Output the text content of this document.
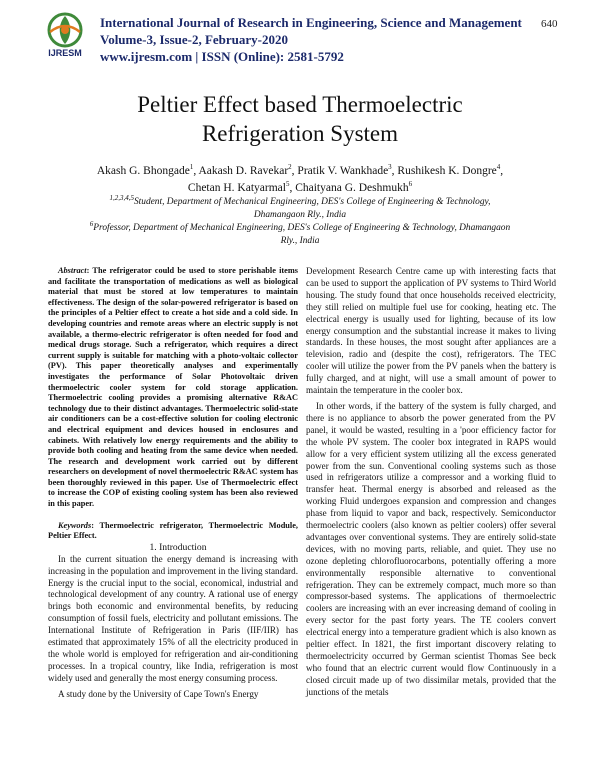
IJRESM
International Journal of Research in Engineering, Science and Management
Volume-3, Issue-2, February-2020
www.ijresm.com | ISSN (Online): 2581-5792
640
Peltier Effect based Thermoelectric
Refrigeration System
Akash G. Bhongade$^1$, Aakash D. Ravekar$^2$, Pratik V. Wankhade$^3$, Rushikesh K. Dongre$^4$,
Chetan H. Katyarmal$^5$, Chaityana G. Deshmukh$^6$
$^{1,2,3,4,5}$Student, Department of Mechanical Engineering, DES's College of Engineering & Technology, Dhamangaon Rly., India
$^6$Professor, Department of Mechanical Engineering, DES's College of Engineering & Technology, Dhamangaon Rly., India

Abstract: The refrigerator could be used to store perishable items and facilitate the transportation of medications as well as biological material that must be stored at low temperatures to maintain effectiveness. The design of the solar-powered refrigerator is based on the principles of a Peltier effect to create a hot side and a cold side. In developing countries and remote areas where an electric supply is not available, a thermo-electric refrigerator is often needed for food and medical drugs storage. Such a refrigerator, which requires a direct current supply is suitable for matching with a photo-voltaic collector (PV). This paper theoretically analyses and experimentally investigates the performance of Solar Photovoltaic driven thermoelectric cooler system for cold storage application. Thermoelectric cooling provides a promising alternative R&AC technology due to their distinct advantages. Thermoelectric solid-state air conditioners can be a cost-effective solution for cooling electronic and electrical equipment and devices housed in enclosures and cabinets. With relatively low energy requirements and the ability to provide both cooling and heating from the same device when needed. The research and development work carried out by different researchers on development of novel thermoelectric R&AC system has been thoroughly reviewed in this paper. Use of Thermoelectric effect to increase the COP of existing cooling system has been also reviewed in this paper.

Keywords: Thermoelectric refrigerator, Thermoelectric Module, Peltier Effect.

1. Introduction

In the current situation the energy demand is increasing with increasing in the population and improvement in the living standard. Energy is the crucial input to the social, economical, industrial and technological development of any country. A rational use of energy brings both economic and environmental benefits, by reducing consumption of fossil fuels, electricity and pollutant emissions. The International Institute of Refrigeration in Paris (IIF/IIR) has estimated that approximately 15% of all the electricity produced in the whole world is employed for refrigeration and air-conditioning processes. In a tropical country, like India, refrigeration is most widely used and generally the most energy consuming process.

A study done by the University of Cape Town's Energy

Development Research Centre came up with interesting facts that can be used to support the application of PV systems to Third World housing. The study found that once households received electricity, they still relied on multiple fuel use for cooking, heating etc. The electrical energy is usually used for lighting, because of its low energy consumption and the substantial increase it makes to living standards. In these houses, the most sought after appliances are a television, radio and (despite the cost), refrigerators. The TEC cooler will utilize the power from the PV panels when the battery is fully charged, and at night, will use a small amount of power to maintain the temperature in the cooler box.

In other words, if the battery of the system is fully charged, and there is no appliance to absorb the power generated from the PV panel, it would be wasted, resulting in a 'poor efficiency factor for the whole PV system. The cooler box integrated in RAPS would allow for a very efficient system utilizing all the excess generated power from the sun. Conventional cooling systems such as those used in refrigerators utilize a compressor and a working fluid to transfer heat. Thermal energy is absorbed and released as the working Fluid undergoes expansion and compression and changes phase from liquid to vapor and back, respectively. Semiconductor thermoelectric coolers (also known as peltier coolers) offer several advantages over conventional systems. They are entirely solid-state devices, with no moving parts, reliable, and quiet. They use no ozone depleting chlorofluorocarbons, potentially offering a more environmentally responsible alternative to conventional refrigeration. They can be extremely compact, much more so than compressor-based systems. The applications of thermoelectric coolers are increasing with an ever increasing demand of cooling in every sector for the past forty years. The TE coolers convert electrical energy into a temperature gradient which is also known as peltier effect. In 1821, the first important discovery relating to thermoelectricity occurred by German scientist Thomas See beck who found that an electric current would flow Continuously in a closed circuit made up of two dissimilar metals, provided that the junctions of the metals
